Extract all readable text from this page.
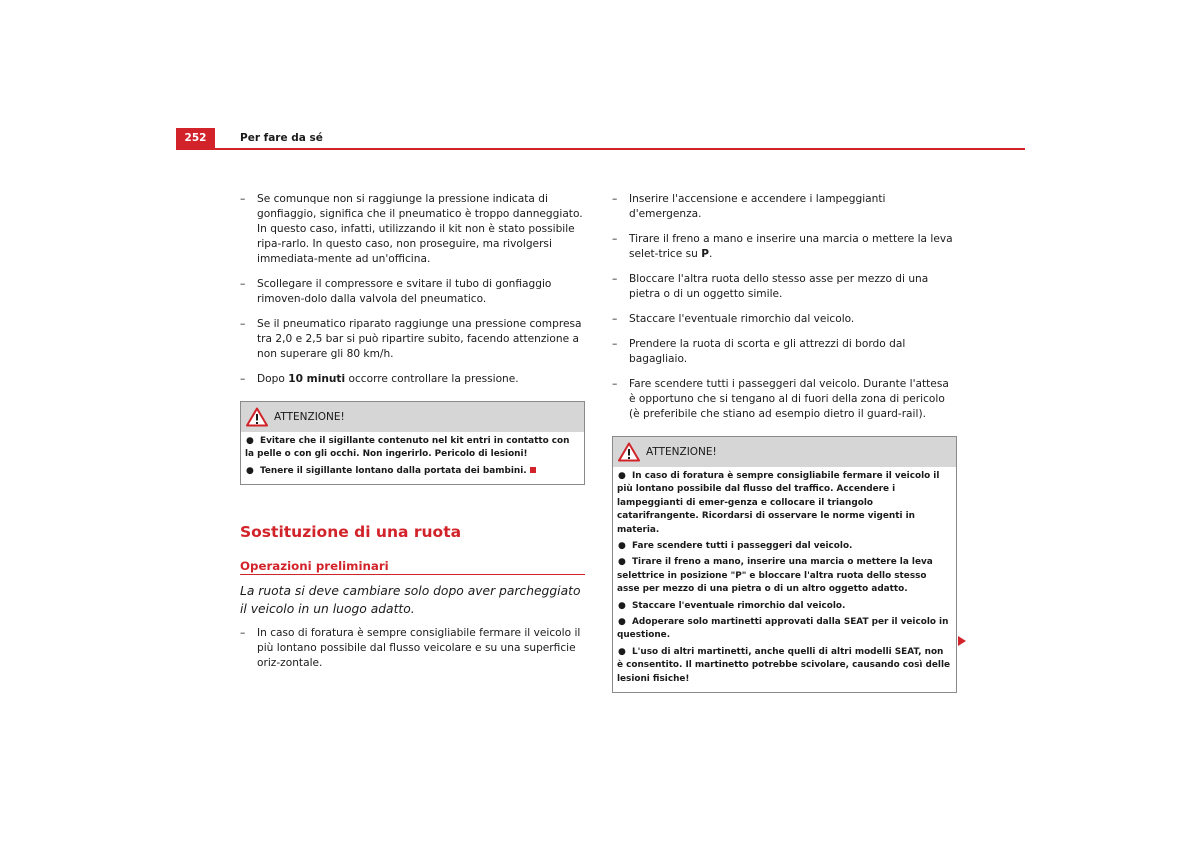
252	Per fare da sé
– Se comunque non si raggiunge la pressione indicata di gonfiaggio, significa che il pneumatico è troppo danneggiato. In questo caso, infatti, utilizzando il kit non è stato possibile ripa-rarlo. In questo caso, non proseguire, ma rivolgersi immediata-mente ad un'officina.
– Scollegare il compressore e svitare il tubo di gonfiaggio rimoven-dolo dalla valvola del pneumatico.
– Se il pneumatico riparato raggiunge una pressione compresa tra 2,0 e 2,5 bar si può ripartire subito, facendo attenzione a non superare gli 80 km/h.
– Dopo 10 minuti occorre controllare la pressione.
ATTENZIONE!
● Evitare che il sigillante contenuto nel kit entri in contatto con la pelle o con gli occhi. Non ingerirlo. Pericolo di lesioni!
● Tenere il sigillante lontano dalla portata dei bambini.
Sostituzione di una ruota
Operazioni preliminari

La ruota si deve cambiare solo dopo aver parcheggiato il veicolo in un luogo adatto.

– In caso di foratura è sempre consigliabile fermare il veicolo il più lontano possibile dal flusso veicolare e su una superficie oriz-zontale.
– Inserire l'accensione e accendere i lampeggianti d'emergenza.
– Tirare il freno a mano e inserire una marcia o mettere la leva selet-trice su P.
– Bloccare l'altra ruota dello stesso asse per mezzo di una pietra o di un oggetto simile.
– Staccare l'eventuale rimorchio dal veicolo.
– Prendere la ruota di scorta e gli attrezzi di bordo dal bagagliaio.
– Fare scendere tutti i passeggeri dal veicolo. Durante l'attesa è opportuno che si tengano al di fuori della zona di pericolo (è preferibile che stiano ad esempio dietro il guard-rail).
ATTENZIONE!
● In caso di foratura è sempre consigliabile fermare il veicolo il più lontano possibile dal flusso del traffico. Accendere i lampeggianti di emer-genza e collocare il triangolo catarifrangente. Ricordarsi di osservare le norme vigenti in materia.
● Fare scendere tutti i passeggeri dal veicolo.
● Tirare il freno a mano, inserire una marcia o mettere la leva selettrice in posizione "P" e bloccare l'altra ruota dello stesso asse per mezzo di una pietra o di un altro oggetto adatto.
● Staccare l'eventuale rimorchio dal veicolo.
● Adoperare solo martinetti approvati dalla SEAT per il veicolo in questione.
● L'uso di altri martinetti, anche quelli di altri modelli SEAT, non è consentito. Il martinetto potrebbe scivolare, causando così delle lesioni fisiche!
